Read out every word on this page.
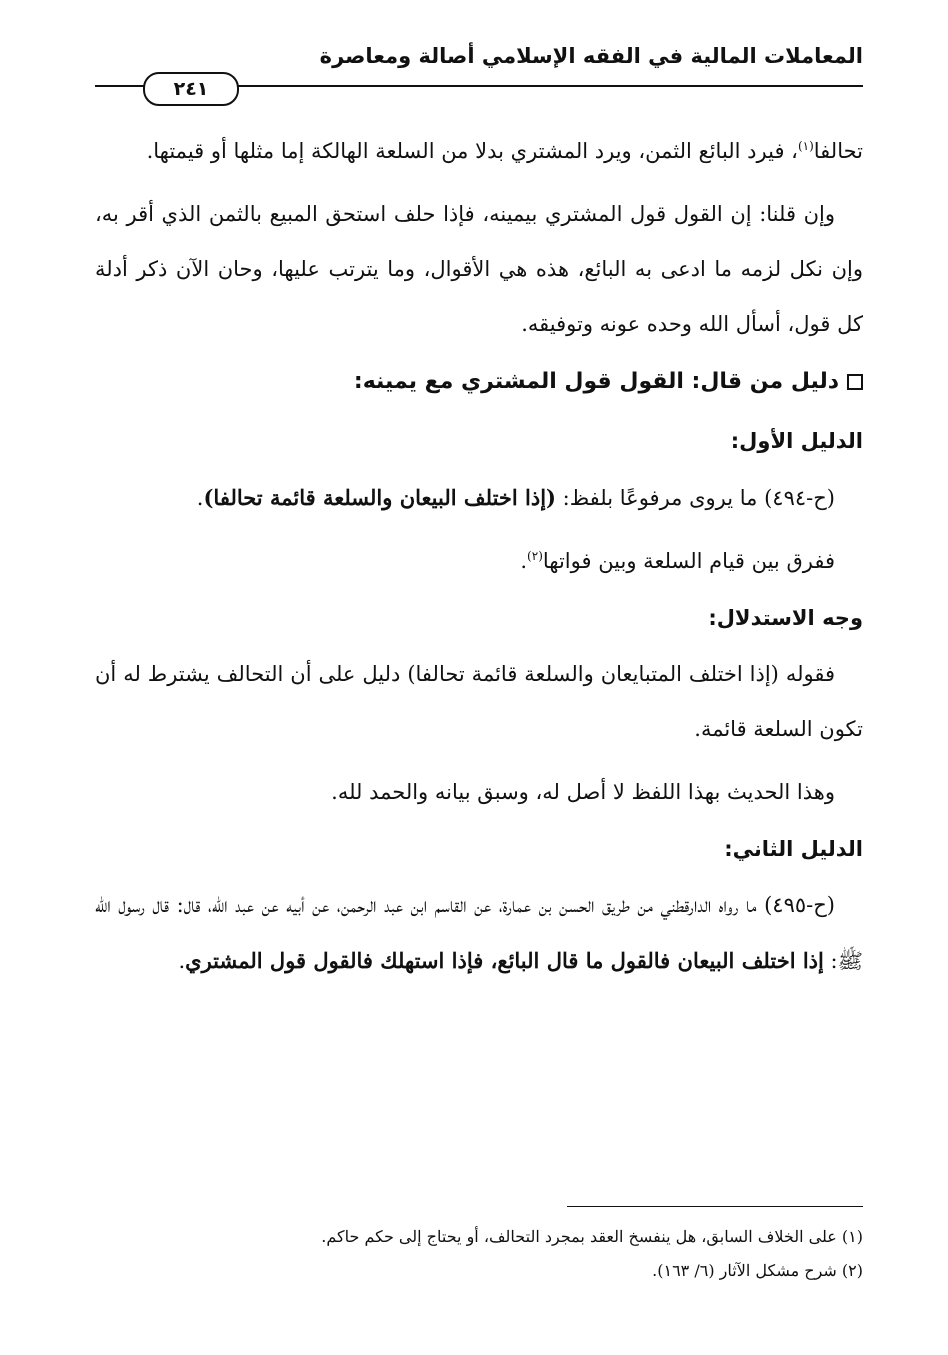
المعاملات المالية في الفقه الإسلامي أصالة ومعاصرة
٢٤١

تحالفا$^{(١)}$، فيرد البائع الثمن، ويرد المشتري بدلا من السلعة الهالكة إما مثلها أو قيمتها.

وإن قلنا: إن القول قول المشتري بيمينه، فإذا حلف استحق المبيع بالثمن الذي أقر به، وإن نكل لزمه ما ادعى به البائع، هذه هي الأقوال، وما يترتب عليها، وحان الآن ذكر أدلة كل قول، أسأل الله وحده عونه وتوفيقه.

دليل من قال: القول قول المشتري مع يمينه:
الدليل الأول:

(ح-٤٩٤) ما يروى مرفوعًا بلفظ: (إذا اختلف البيعان والسلعة قائمة تحالفا).

ففرق بين قيام السلعة وبين فواتها$^{(٢)}$.

وجه الاستدلال:

فقوله (إذا اختلف المتبايعان والسلعة قائمة تحالفا) دليل على أن التحالف يشترط له أن تكون السلعة قائمة.

وهذا الحديث بهذا اللفظ لا أصل له، وسبق بيانه والحمد لله.

الدليل الثاني:

(ح-٤٩٥) ما رواه الدارقطني من طريق الحسن بن عمارة، عن القاسم ابن عبد الرحمن، عن أبيه عن عبد الله، قال: قال رسول الله ﷺ: إذا اختلف البيعان فالقول ما قال البائع، فإذا استهلك فالقول قول المشتري.

(١) على الخلاف السابق، هل ينفسخ العقد بمجرد التحالف، أو يحتاج إلى حكم حاكم.

(٢) شرح مشكل الآثار (٦/ ١٦٣).
